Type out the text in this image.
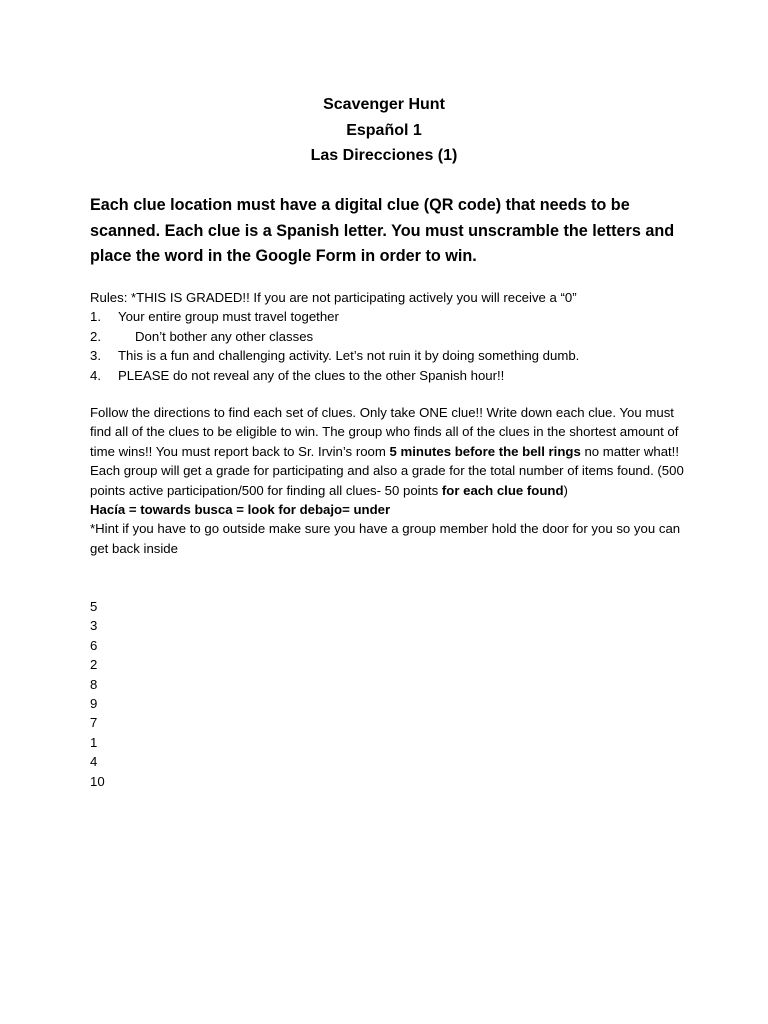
Scavenger Hunt
Español 1
Las Direcciones (1)
Each clue location must have a digital clue (QR code) that needs to be scanned. Each clue is a Spanish letter. You must unscramble the letters and place the word in the Google Form in order to win.
Rules: *THIS IS GRADED!! If you are not participating actively you will receive a “0”
1.	Your entire group must travel together
2.	Don’t bother any other classes
3.	This is a fun and challenging activity. Let’s not ruin it by doing something dumb.
4.	PLEASE do not reveal any of the clues to the other Spanish hour!!

Follow the directions to find each set of clues. Only take ONE clue!! Write down each clue. You must find all of the clues to be eligible to win. The group who finds all of the clues in the shortest amount of time wins!! You must report back to Sr. Irvin’s room 5 minutes before the bell rings no matter what!! Each group will get a grade for participating and also a grade for the total number of items found. (500 points active participation/500 for finding all clues- 50 points for each clue found)

Hacía = towards busca = look for debajo= under

*Hint if you have to go outside make sure you have a group member hold the door for you so you can get back inside

5
3
6
2
8
9
7
1
4
10
